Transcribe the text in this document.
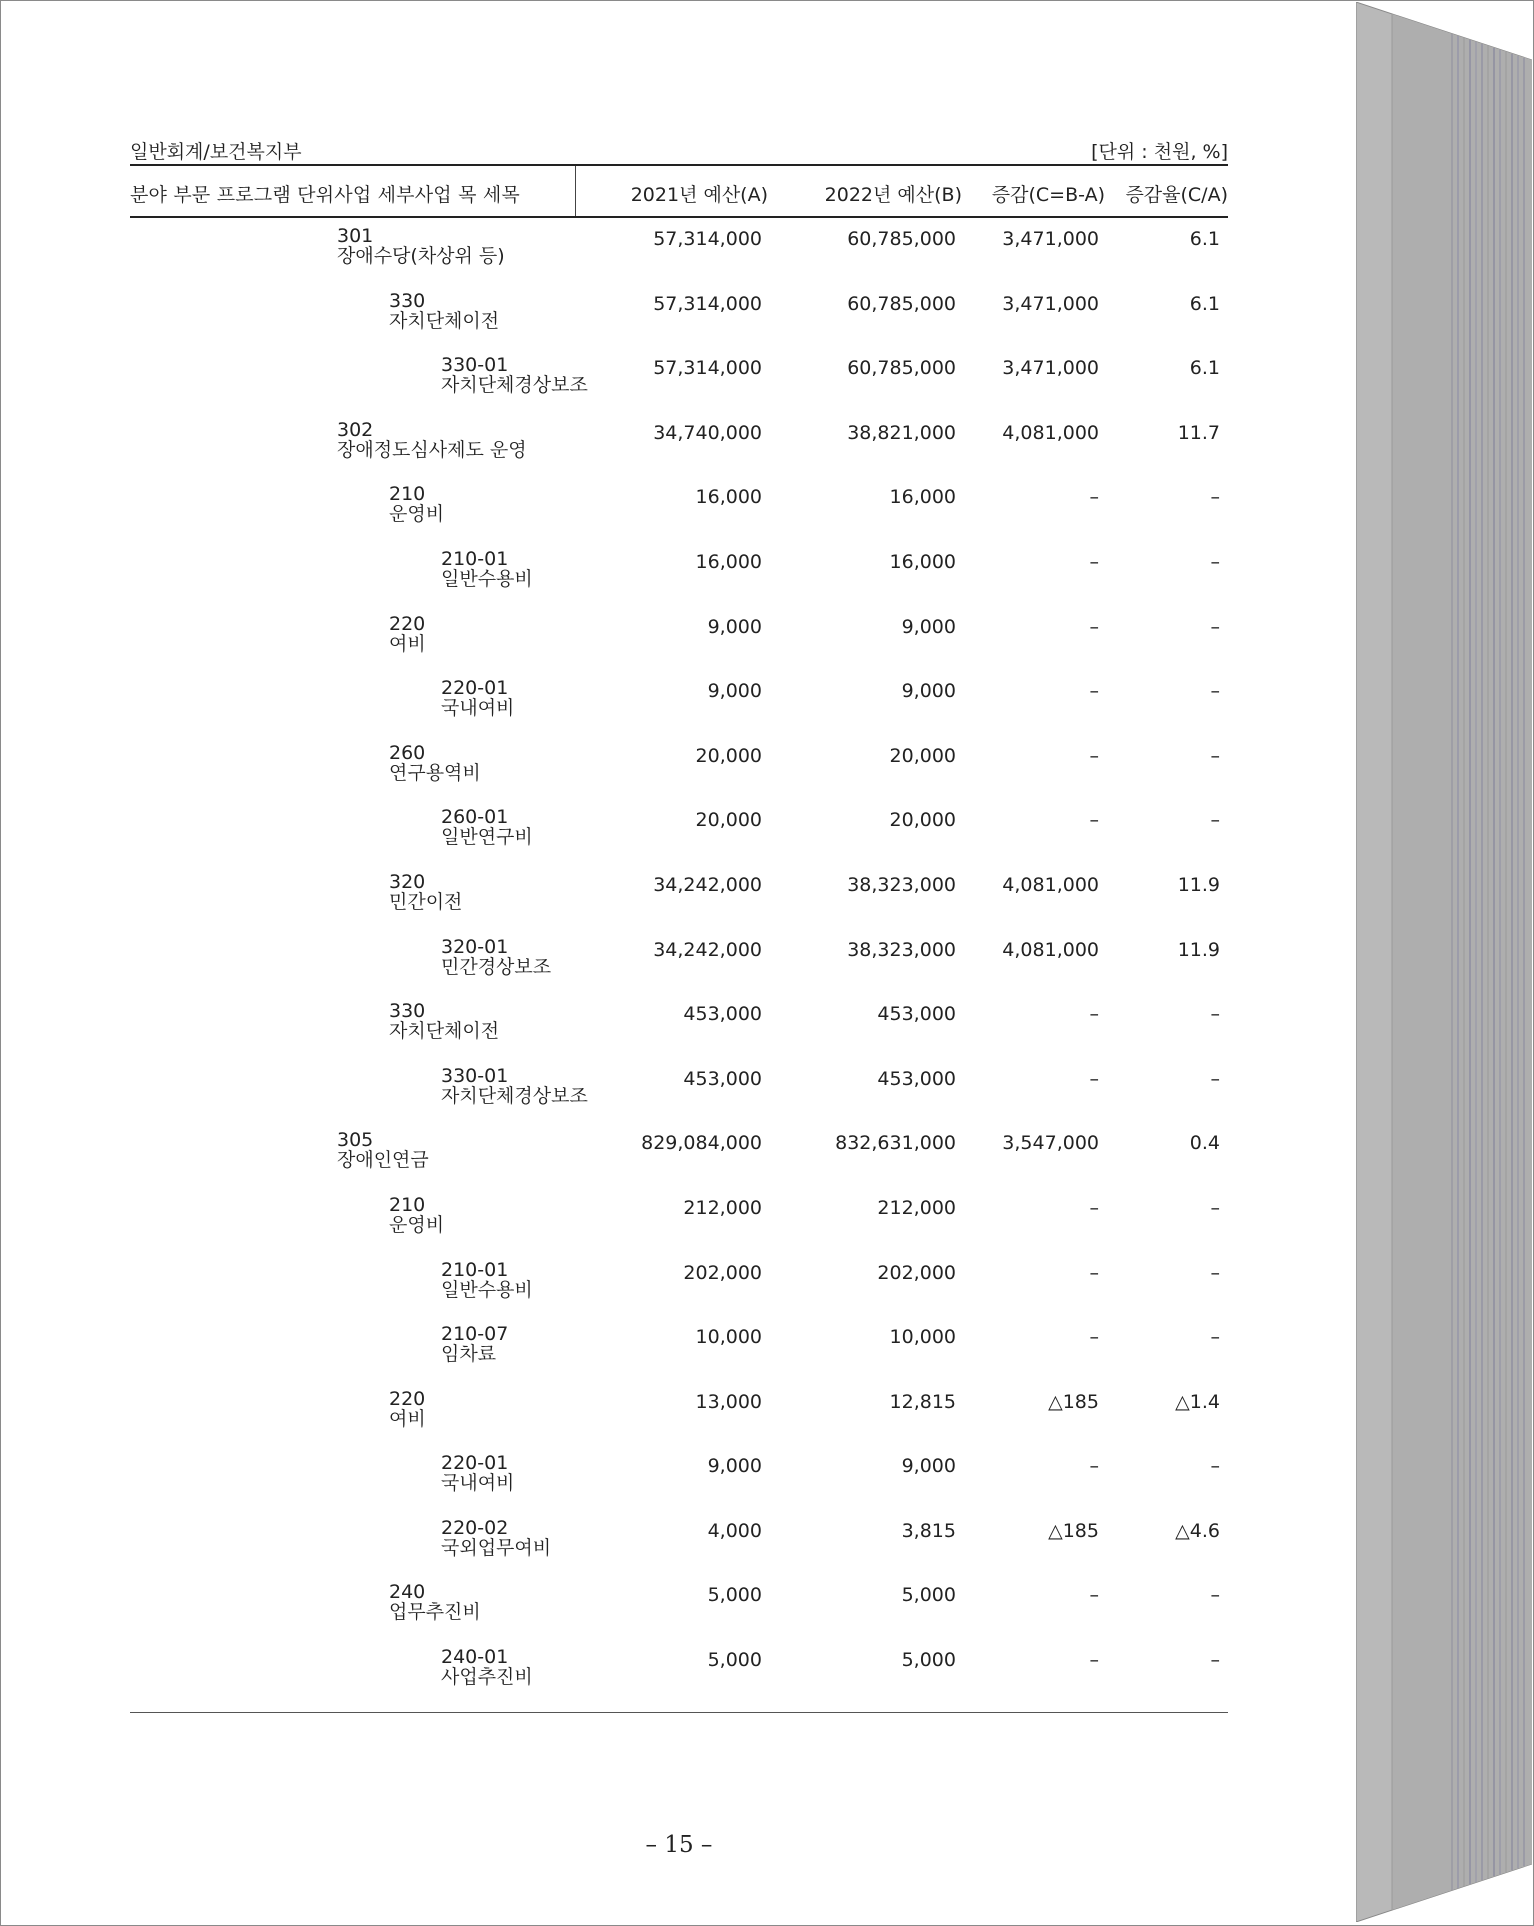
일반회계/보건복지부	[단위 : 천원, %]
분야 부문 프로그램 단위사업 세부사업 목 세목	2021년 예산(A)	2022년 예산(B) 증감(C=B-A)	증감율(C/A)
301
장애수당(차상위 등)
57,314,000	60,785,000	3,471,000	6.1
330
자치단체이전
57,314,000	60,785,000	3,471,000	6.1
330-01
자치단체경상보조
57,314,000	60,785,000	3,471,000	6.1
302
장애정도심사제도 운영
34,740,000	38,821,000	4,081,000	11.7
210
운영비
16,000	16,000	–	–
210-01
일반수용비
16,000	16,000	–	–
220
여비
9,000	9,000	–	–
220-01
국내여비
9,000	9,000	–	–
260
연구용역비
20,000	20,000	–	–
260-01
일반연구비
20,000	20,000	–	–
320
민간이전
34,242,000	38,323,000	4,081,000	11.9
320-01
민간경상보조
34,242,000	38,323,000	4,081,000	11.9
330
자치단체이전
453,000	453,000	–	–
330-01
자치단체경상보조
453,000	453,000	–	–
305
장애인연금
829,084,000	832,631,000	3,547,000	0.4
210
운영비
212,000	212,000	–	–
210-01
일반수용비
202,000	202,000	–	–
210-07
임차료
10,000	10,000	–	–
220
여비
13,000	12,815	△185	△1.4
220-01
국내여비
9,000	9,000	–	–
220-02
국외업무여비
4,000	3,815	△185	△4.6
240
업무추진비
5,000	5,000	–	–
240-01
사업추진비
5,000	5,000	–	–
– 15 –
